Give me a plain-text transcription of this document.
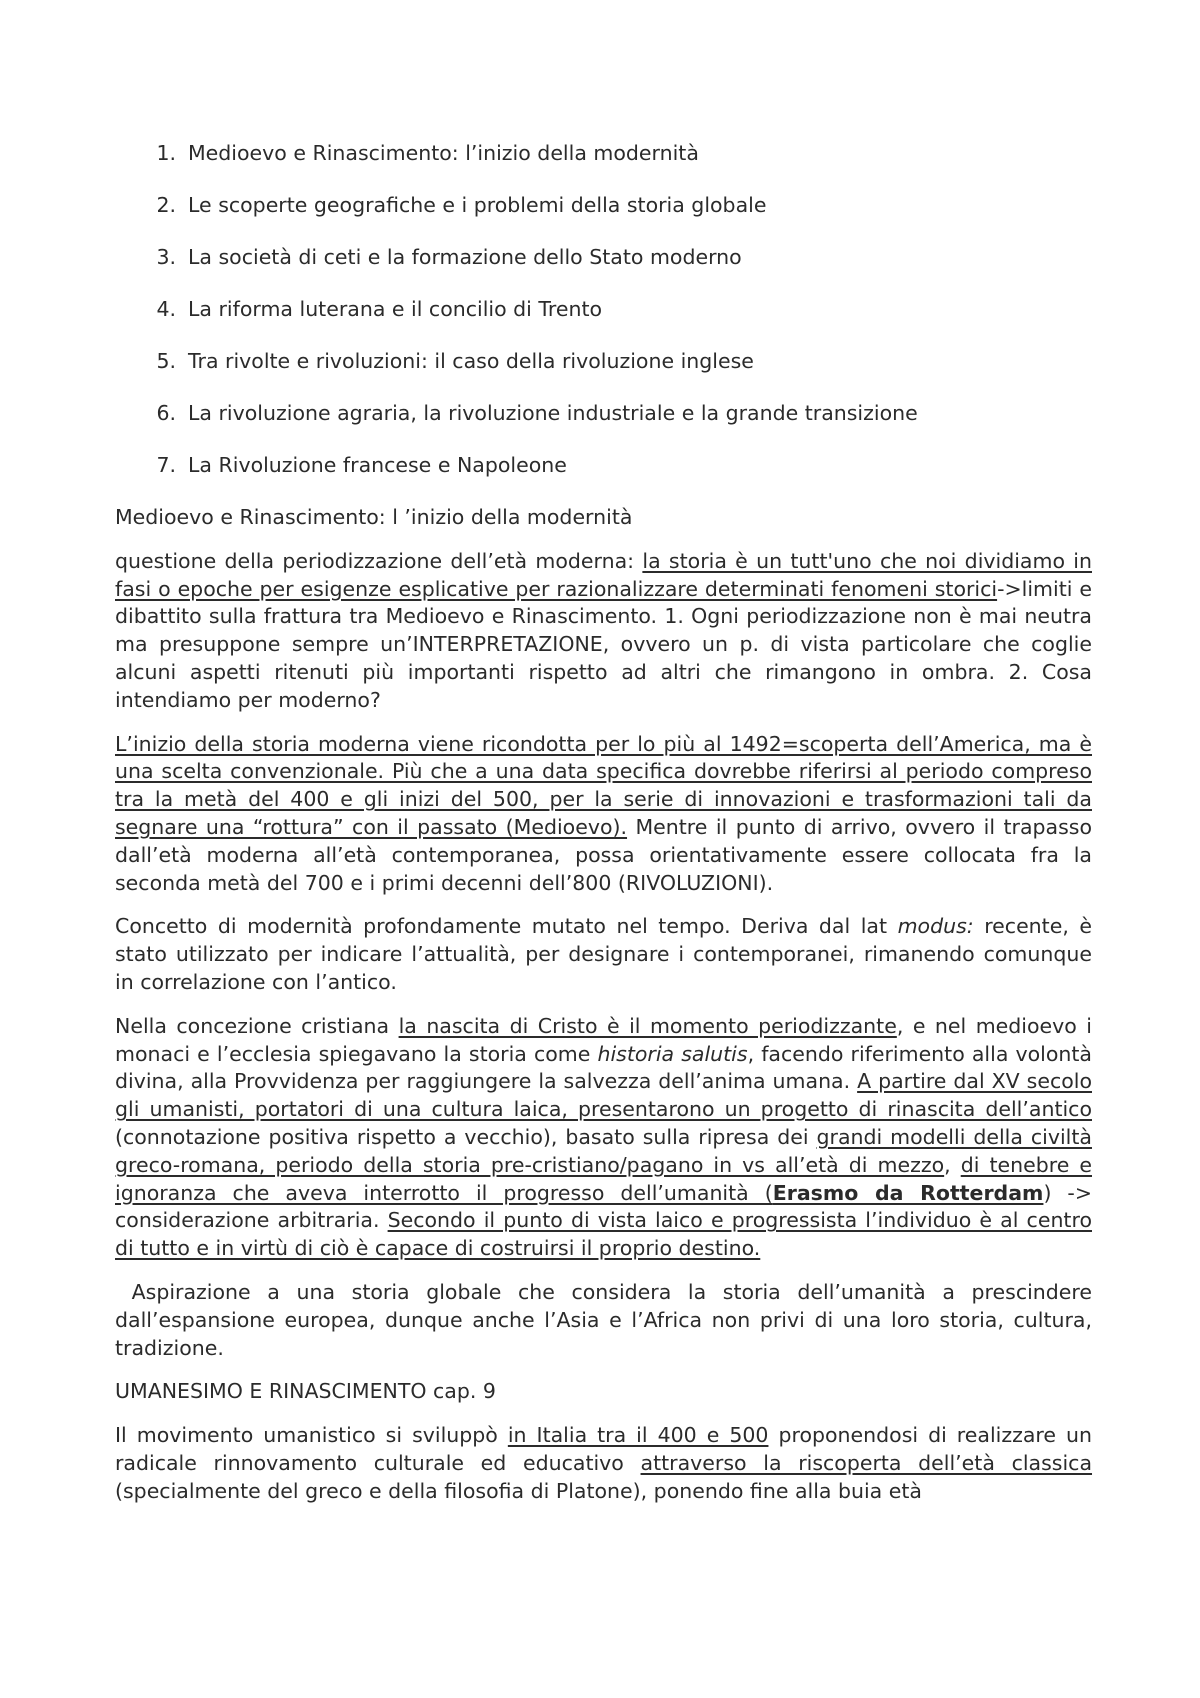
1. Medioevo e Rinascimento: l’inizio della modernità
2. Le scoperte geografiche e i problemi della storia globale
3. La società di ceti e la formazione dello Stato moderno
4. La riforma luterana e il concilio di Trento
5. Tra rivolte e rivoluzioni: il caso della rivoluzione inglese
6. La rivoluzione agraria, la rivoluzione industriale e la grande transizione
7. La Rivoluzione francese e Napoleone

Medioevo e Rinascimento: l ’inizio della modernità

questione della periodizzazione dell’età moderna: la storia è un tutt'uno che noi dividiamo in fasi o epoche per esigenze esplicative per razionalizzare determinati fenomeni storici->limiti e dibattito sulla frattura tra Medioevo e Rinascimento. 1. Ogni periodizzazione non è mai neutra ma presuppone sempre un’INTERPRETAZIONE, ovvero un p. di vista particolare che coglie alcuni aspetti ritenuti più importanti rispetto ad altri che rimangono in ombra. 2. Cosa intendiamo per moderno?

L’inizio della storia moderna viene ricondotta per lo più al 1492=scoperta dell’America, ma è una scelta convenzionale. Più che a una data specifica dovrebbe riferirsi al periodo compreso tra la metà del 400 e gli inizi del 500, per la serie di innovazioni e trasformazioni tali da segnare una “rottura” con il passato (Medioevo). Mentre il punto di arrivo, ovvero il trapasso dall’età moderna all’età contemporanea, possa orientativamente essere collocata fra la seconda metà del 700 e i primi decenni dell’800 (RIVOLUZIONI).

Concetto di modernità profondamente mutato nel tempo. Deriva dal lat modus: recente, è stato utilizzato per indicare l’attualità, per designare i contemporanei, rimanendo comunque in correlazione con l’antico.

Nella concezione cristiana la nascita di Cristo è il momento periodizzante, e nel medioevo i monaci e l’ecclesia spiegavano la storia come historia salutis, facendo riferimento alla volontà divina, alla Provvidenza per raggiungere la salvezza dell’anima umana. A partire dal XV secolo gli umanisti, portatori di una cultura laica, presentarono un progetto di rinascita dell’antico (connotazione positiva rispetto a vecchio), basato sulla ripresa dei grandi modelli della civiltà greco-romana, periodo della storia pre-cristiano/pagano in vs all’età di mezzo, di tenebre e ignoranza che aveva interrotto il progresso dell’umanità (Erasmo da Rotterdam) -> considerazione arbitraria. Secondo il punto di vista laico e progressista l’individuo è al centro di tutto e in virtù di ciò è capace di costruirsi il proprio destino.

Aspirazione a una storia globale che considera la storia dell’umanità a prescindere dall’espansione europea, dunque anche l’Asia e l’Africa non privi di una loro storia, cultura, tradizione.

UMANESIMO E RINASCIMENTO cap. 9

Il movimento umanistico si sviluppò in Italia tra il 400 e 500 proponendosi di realizzare un radicale rinnovamento culturale ed educativo attraverso la riscoperta dell’età classica (specialmente del greco e della filosofia di Platone), ponendo fine alla buia età
